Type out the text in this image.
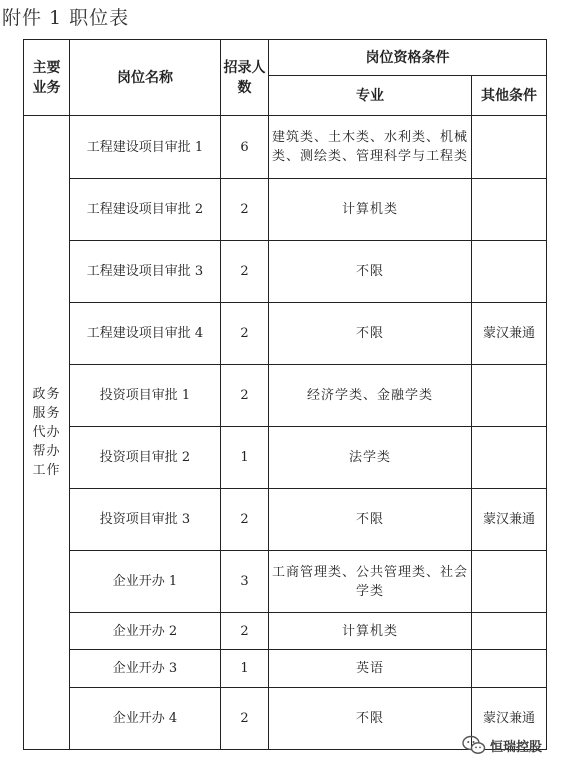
附件 1 职位表
主要业务	岗位名称	招录人数	岗位资格条件	
			专业	其他条件
政务服务代办帮办工作	工程建设项目审批 1	6	建筑类、土木类、水利类、机械类、测绘类、管理科学与工程类	
	工程建设项目审批 2	2	计算机类	
	工程建设项目审批 3	2	不限	
	工程建设项目审批 4	2	不限	蒙汉兼通
	投资项目审批 1	2	经济学类、金融学类	
	投资项目审批 2	1	法学类	
	投资项目审批 3	2	不限	蒙汉兼通
	企业开办 1	3	工商管理类、公共管理类、社会学类	
	企业开办 2	2	计算机类	
	企业开办 3	1	英语	
	企业开办 4	2	不限	蒙汉兼通
恒瑞控股
